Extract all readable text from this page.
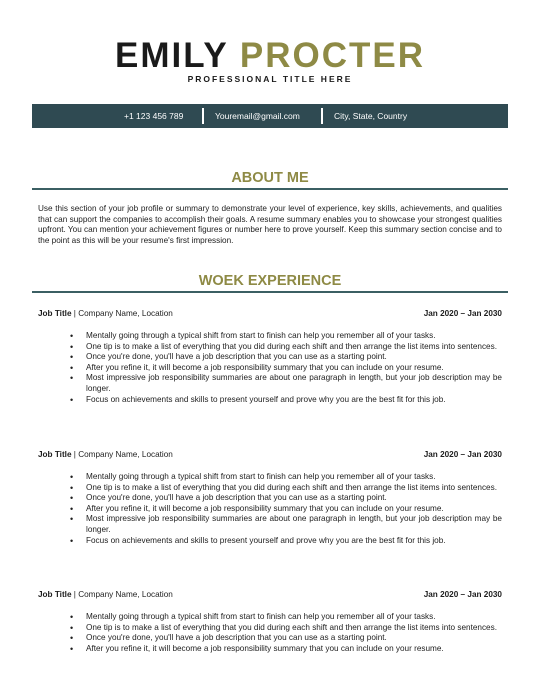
EMILY PROCTER
PROFESSIONAL TITLE HERE
+1 123 456 789	Youremail@gmail.com	City, State, Country
ABOUT ME
Use this section of your job profile or summary to demonstrate your level of experience, key skills, achievements, and qualities that can support the companies to accomplish their goals. A resume summary enables you to showcase your strongest qualities upfront. You can mention your achievement figures or number here to prove yourself. Keep this summary section concise and to the point as this will be your resume's first impression.
WOEK EXPERIENCE
Job Title | Company Name, Location	Jan 2020 – Jan 2030
• Mentally going through a typical shift from start to finish can help you remember all of your tasks.
• One tip is to make a list of everything that you did during each shift and then arrange the list items into sentences.
• Once you're done, you'll have a job description that you can use as a starting point.
• After you refine it, it will become a job responsibility summary that you can include on your resume.
• Most impressive job responsibility summaries are about one paragraph in length, but your job description may be longer.
• Focus on achievements and skills to present yourself and prove why you are the best fit for this job.
Job Title | Company Name, Location	Jan 2020 – Jan 2030
• Mentally going through a typical shift from start to finish can help you remember all of your tasks.
• One tip is to make a list of everything that you did during each shift and then arrange the list items into sentences.
• Once you're done, you'll have a job description that you can use as a starting point.
• After you refine it, it will become a job responsibility summary that you can include on your resume.
• Most impressive job responsibility summaries are about one paragraph in length, but your job description may be longer.
• Focus on achievements and skills to present yourself and prove why you are the best fit for this job.
Job Title | Company Name, Location	Jan 2020 – Jan 2030
• Mentally going through a typical shift from start to finish can help you remember all of your tasks.
• One tip is to make a list of everything that you did during each shift and then arrange the list items into sentences.
• Once you're done, you'll have a job description that you can use as a starting point.
• After you refine it, it will become a job responsibility summary that you can include on your resume.
